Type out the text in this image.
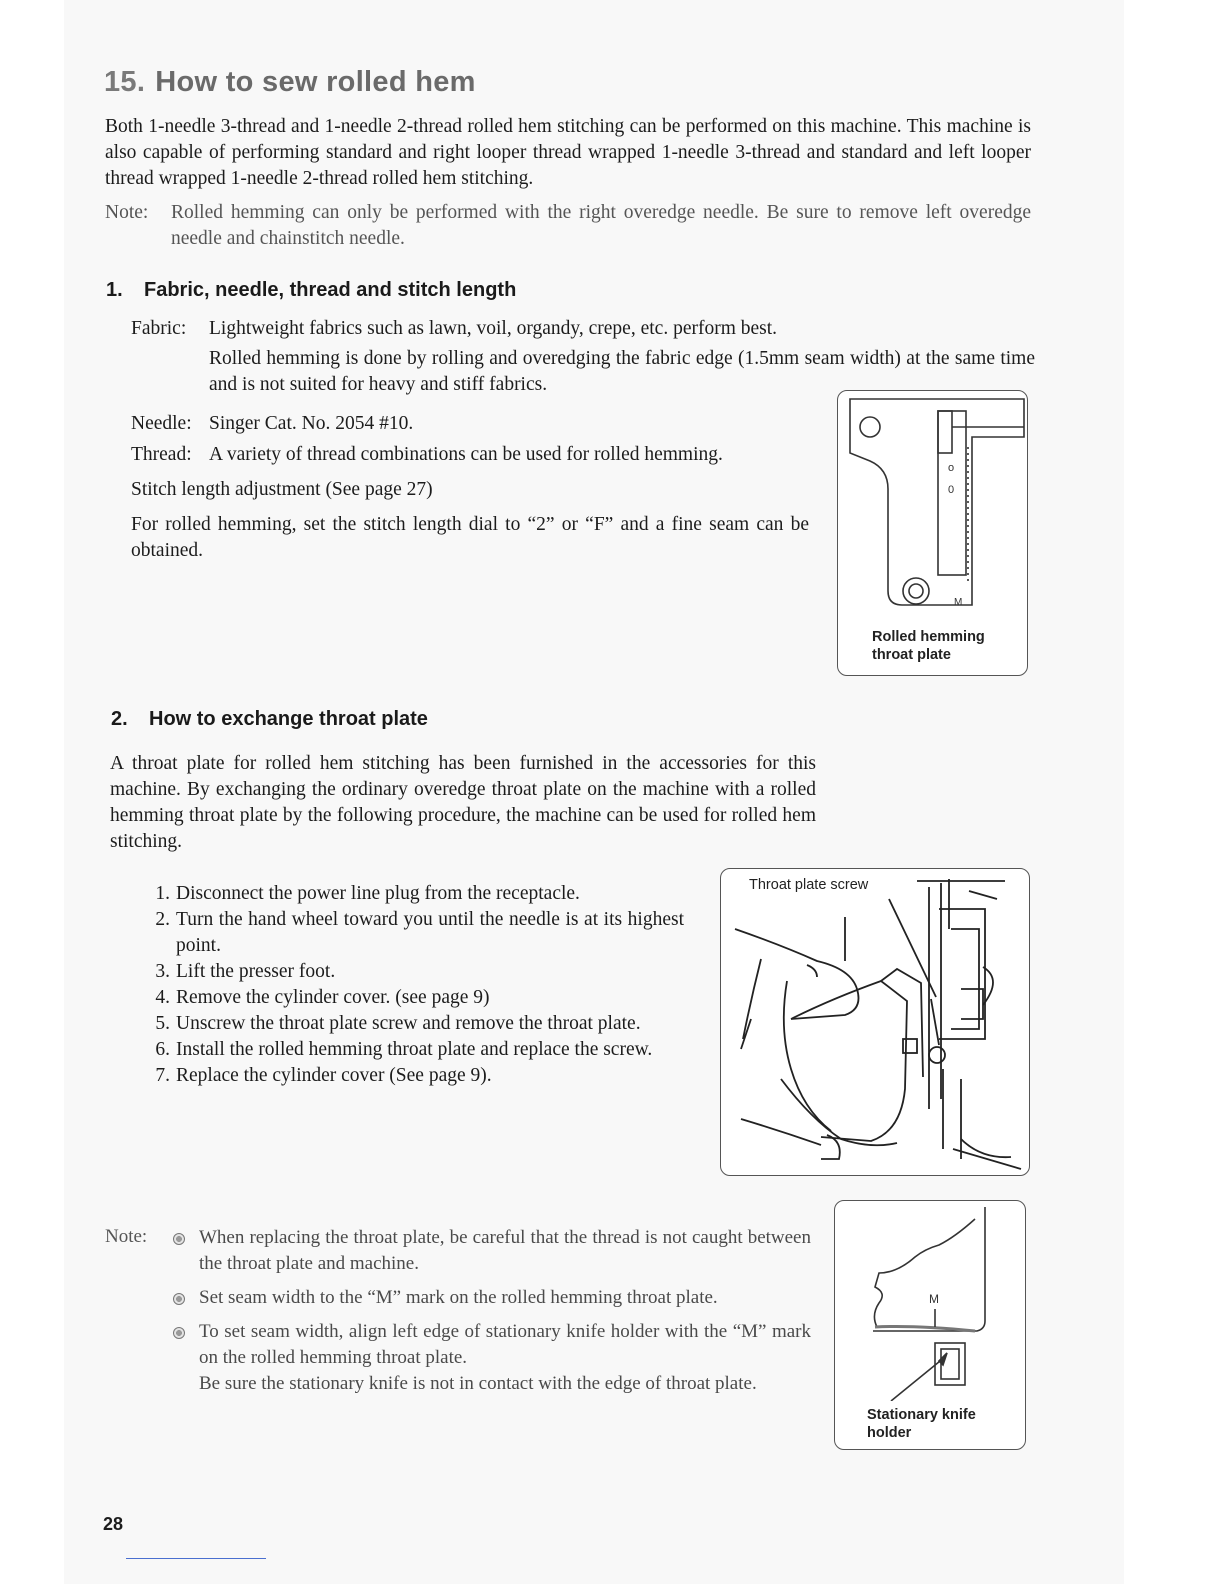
15. How to sew rolled hem
Both 1-needle 3-thread and 1-needle 2-thread rolled hem stitching can be performed on this machine. This machine is also capable of performing standard and right looper thread wrapped 1-needle 3-thread and standard and left looper thread wrapped 1-needle 2-thread rolled hem stitching.
Note: Rolled hemming can only be performed with the right overedge needle. Be sure to remove left overedge needle and chainstitch needle.
1. Fabric, needle, thread and stitch length
Fabric: Lightweight fabrics such as lawn, voil, organdy, crepe, etc. perform best.
Rolled hemming is done by rolling and overedging the fabric edge (1.5mm seam width) at the same time and is not suited for heavy and stiff fabrics.
Needle: Singer Cat. No. 2054 #10.
Thread: A variety of thread combinations can be used for rolled hemming.
Stitch length adjustment (See page 27)
For rolled hemming, set the stitch length dial to “2” or “F” and a fine seam can be obtained.
o
0
M
Rolled hemming throat plate
2. How to exchange throat plate
A throat plate for rolled hem stitching has been furnished in the accessories for this machine. By exchanging the ordinary overedge throat plate on the machine with a rolled hemming throat plate by the following procedure, the machine can be used for rolled hem stitching.
1. Disconnect the power line plug from the receptacle.
2. Turn the hand wheel toward you until the needle is at its highest point.
3. Lift the presser foot.
4. Remove the cylinder cover. (see page 9)
5. Unscrew the throat plate screw and remove the throat plate.
6. Install the rolled hemming throat plate and replace the screw.
7. Replace the cylinder cover (See page 9).
Throat plate screw
Note:	When replacing the throat plate, be careful that the thread is not caught between the throat plate and machine.
Set seam width to the “M” mark on the rolled hemming throat plate.
To set seam width, align left edge of stationary knife holder with the “M” mark on the rolled hemming throat plate.
Be sure the stationary knife is not in contact with the edge of throat plate.
M
Stationary knife holder
28
